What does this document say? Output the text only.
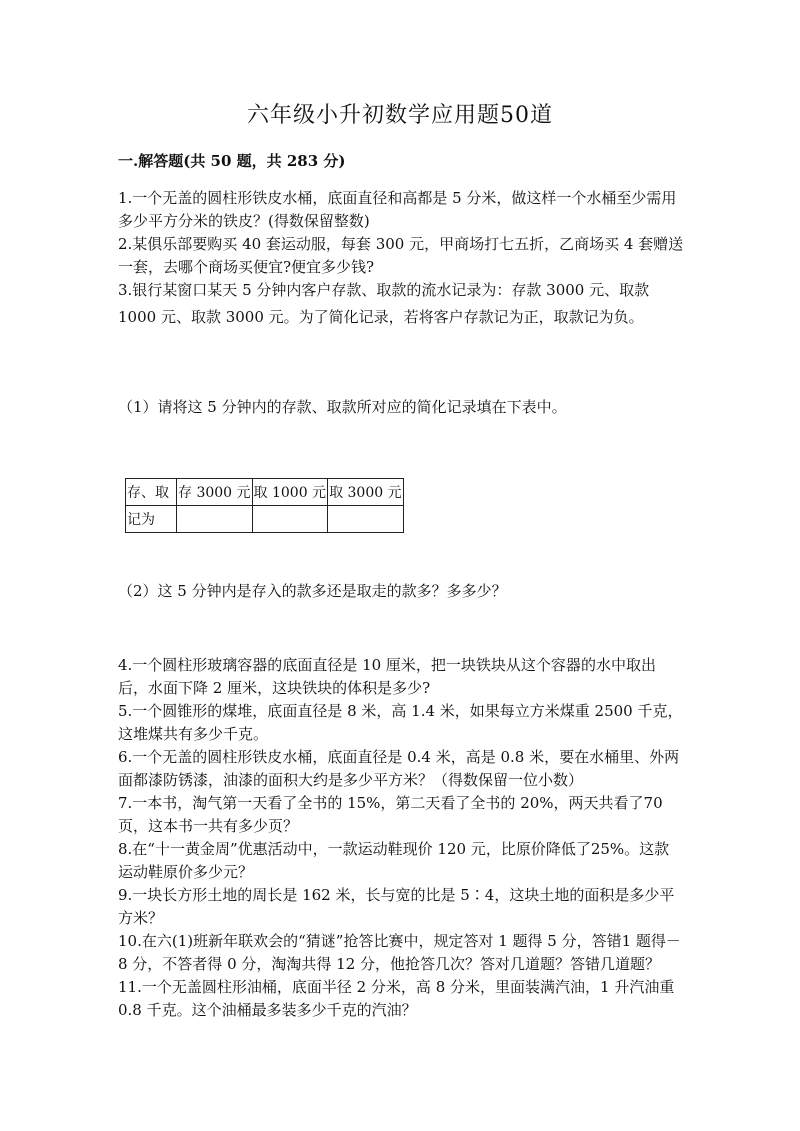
六年级小升初数学应用题50道
一.解答题(共 50 题，共 283 分)

1.一个无盖的圆柱形铁皮水桶，底面直径和高都是 5 分米，做这样一个水桶至少需用多少平方分米的铁皮？(得数保留整数)

2.某俱乐部要购买 40 套运动服，每套 300 元，甲商场打七五折，乙商场买 4 套赠送一套，去哪个商场买便宜?便宜多少钱?

3.银行某窗口某天 5 分钟内客户存款、取款的流水记录为：存款 3000 元、取款

1000 元、取款 3000 元。为了简化记录，若将客户存款记为正，取款记为负。

（1）请将这 5 分钟内的存款、取款所对应的简化记录填在下表中。

存、取	存 3000 元	取 1000 元	取 3000 元
记为			

（2）这 5 分钟内是存入的款多还是取走的款多？多多少？

4.一个圆柱形玻璃容器的底面直径是 10 厘米，把一块铁块从这个容器的水中取出后，水面下降 2 厘米，这块铁块的体积是多少?

5.一个圆锥形的煤堆，底面直径是 8 米，高 1.4 米，如果每立方米煤重 2500 千克，这堆煤共有多少千克。

6.一个无盖的圆柱形铁皮水桶，底面直径是 0.4 米，高是 0.8 米，要在水桶里、外两面都漆防锈漆，油漆的面积大约是多少平方米？（得数保留一位小数）

7.一本书，淘气第一天看了全书的 15%，第二天看了全书的 20%，两天共看了70 页，这本书一共有多少页？

8.在“十一黄金周”优惠活动中，一款运动鞋现价 120 元，比原价降低了25%。这款运动鞋原价多少元？

9.一块长方形土地的周长是 162 米，长与宽的比是 5∶4，这块土地的面积是多少平方米？

10.在六(1)班新年联欢会的“猜谜”抢答比赛中，规定答对 1 题得 5 分，答错1 题得－8 分，不答者得 0 分，淘淘共得 12 分，他抢答几次？答对几道题？答错几道题？

11.一个无盖圆柱形油桶，底面半径 2 分米，高 8 分米，里面装满汽油，1 升汽油重 0.8 千克。这个油桶最多装多少千克的汽油？
